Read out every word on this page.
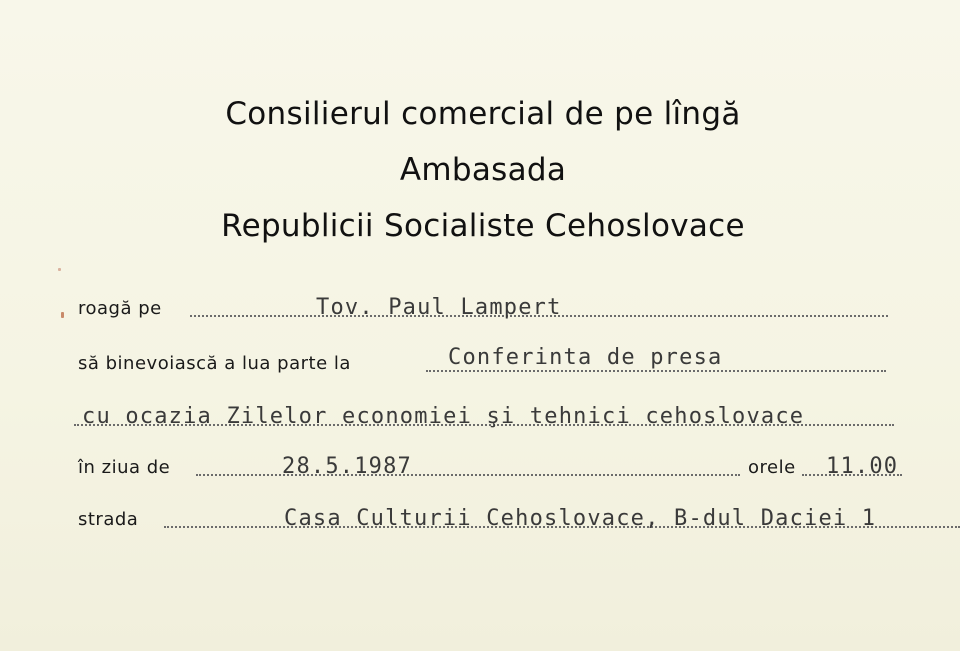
Consilierul comercial de pe lîngă
Ambasada
Republicii Socialiste Cehoslovace
roagă pe	Tov. Paul Lampert
să binevoiască a lua parte la	Conferinta de presa
cu ocazia Zilelor economiei şi tehnici cehoslovace
în ziua de	28.5.1987	orele 11.00
strada	Casa Culturii Cehoslovace, B-dul Daciei 1
